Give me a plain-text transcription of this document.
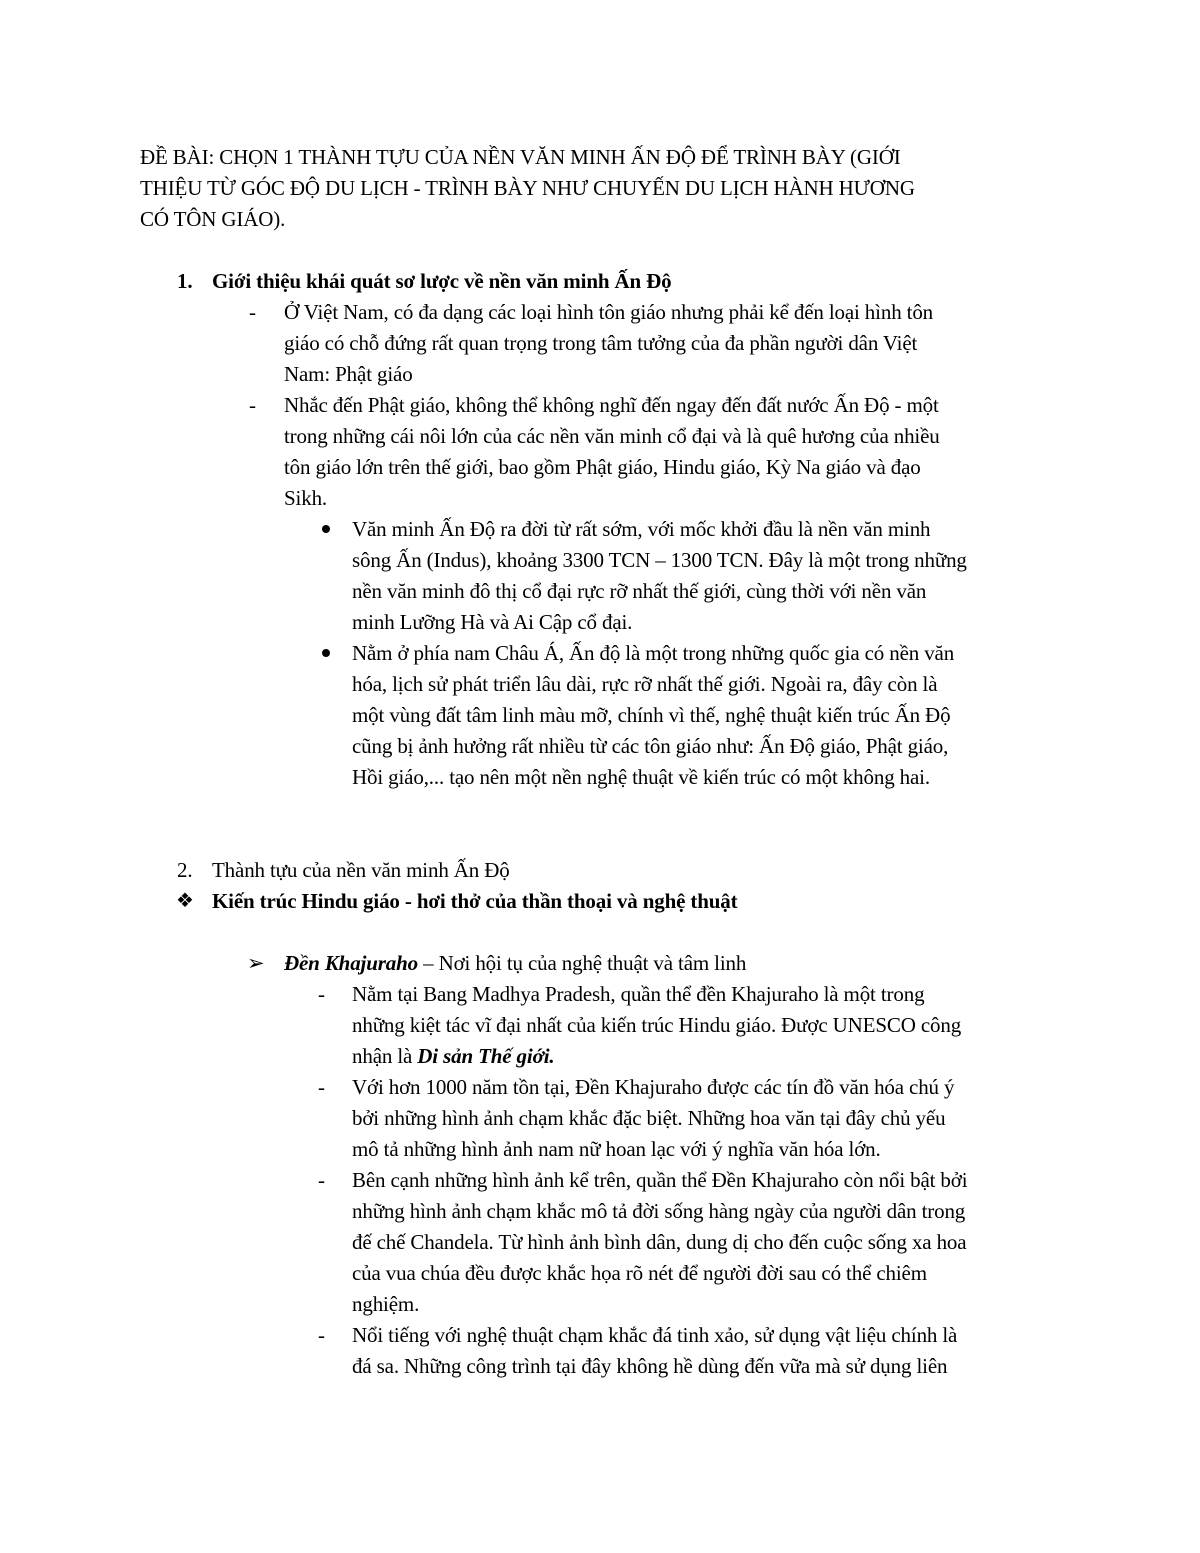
ĐỀ BÀI: CHỌN 1 THÀNH TỰU CỦA NỀN VĂN MINH ẤN ĐỘ ĐỂ TRÌNH BÀY (GIỚI
THIỆU TỪ GÓC ĐỘ DU LỊCH - TRÌNH BÀY NHƯ CHUYẾN DU LỊCH HÀNH HƯƠNG
CÓ TÔN GIÁO).
1. Giới thiệu khái quát sơ lược về nền văn minh Ấn Độ
- Ở Việt Nam, có đa dạng các loại hình tôn giáo nhưng phải kể đến loại hình tôn
giáo có chỗ đứng rất quan trọng trong tâm tưởng của đa phần người dân Việt
Nam: Phật giáo
- Nhắc đến Phật giáo, không thể không nghĩ đến ngay đến đất nước Ấn Độ - một
trong những cái nôi lớn của các nền văn minh cổ đại và là quê hương của nhiều
tôn giáo lớn trên thế giới, bao gồm Phật giáo, Hindu giáo, Kỳ Na giáo và đạo
Sikh.
Văn minh Ấn Độ ra đời từ rất sớm, với mốc khởi đầu là nền văn minh
sông Ấn (Indus), khoảng 3300 TCN – 1300 TCN. Đây là một trong những
nền văn minh đô thị cổ đại rực rỡ nhất thế giới, cùng thời với nền văn
minh Lưỡng Hà và Ai Cập cổ đại.
Nằm ở phía nam Châu Á, Ấn độ là một trong những quốc gia có nền văn
hóa, lịch sử phát triển lâu dài, rực rỡ nhất thế giới. Ngoài ra, đây còn là
một vùng đất tâm linh màu mỡ, chính vì thế, nghệ thuật kiến trúc Ấn Độ
cũng bị ảnh hưởng rất nhiều từ các tôn giáo như: Ấn Độ giáo, Phật giáo,
Hồi giáo,... tạo nên một nền nghệ thuật về kiến trúc có một không hai.
2. Thành tựu của nền văn minh Ấn Độ
❖ Kiến trúc Hindu giáo - hơi thở của thần thoại và nghệ thuật
➢ Đền Khajuraho – Nơi hội tụ của nghệ thuật và tâm linh
- Nằm tại Bang Madhya Pradesh, quần thể đền Khajuraho là một trong
những kiệt tác vĩ đại nhất của kiến trúc Hindu giáo. Được UNESCO công
nhận là Di sản Thế giới.
- Với hơn 1000 năm tồn tại, Đền Khajuraho được các tín đồ văn hóa chú ý
bởi những hình ảnh chạm khắc đặc biệt. Những hoa văn tại đây chủ yếu
mô tả những hình ảnh nam nữ hoan lạc với ý nghĩa văn hóa lớn.
- Bên cạnh những hình ảnh kể trên, quần thể Đền Khajuraho còn nổi bật bởi
những hình ảnh chạm khắc mô tả đời sống hàng ngày của người dân trong
đế chế Chandela. Từ hình ảnh bình dân, dung dị cho đến cuộc sống xa hoa
của vua chúa đều được khắc họa rõ nét để người đời sau có thể chiêm
nghiệm.
- Nổi tiếng với nghệ thuật chạm khắc đá tinh xảo, sử dụng vật liệu chính là
đá sa. Những công trình tại đây không hề dùng đến vữa mà sử dụng liên
